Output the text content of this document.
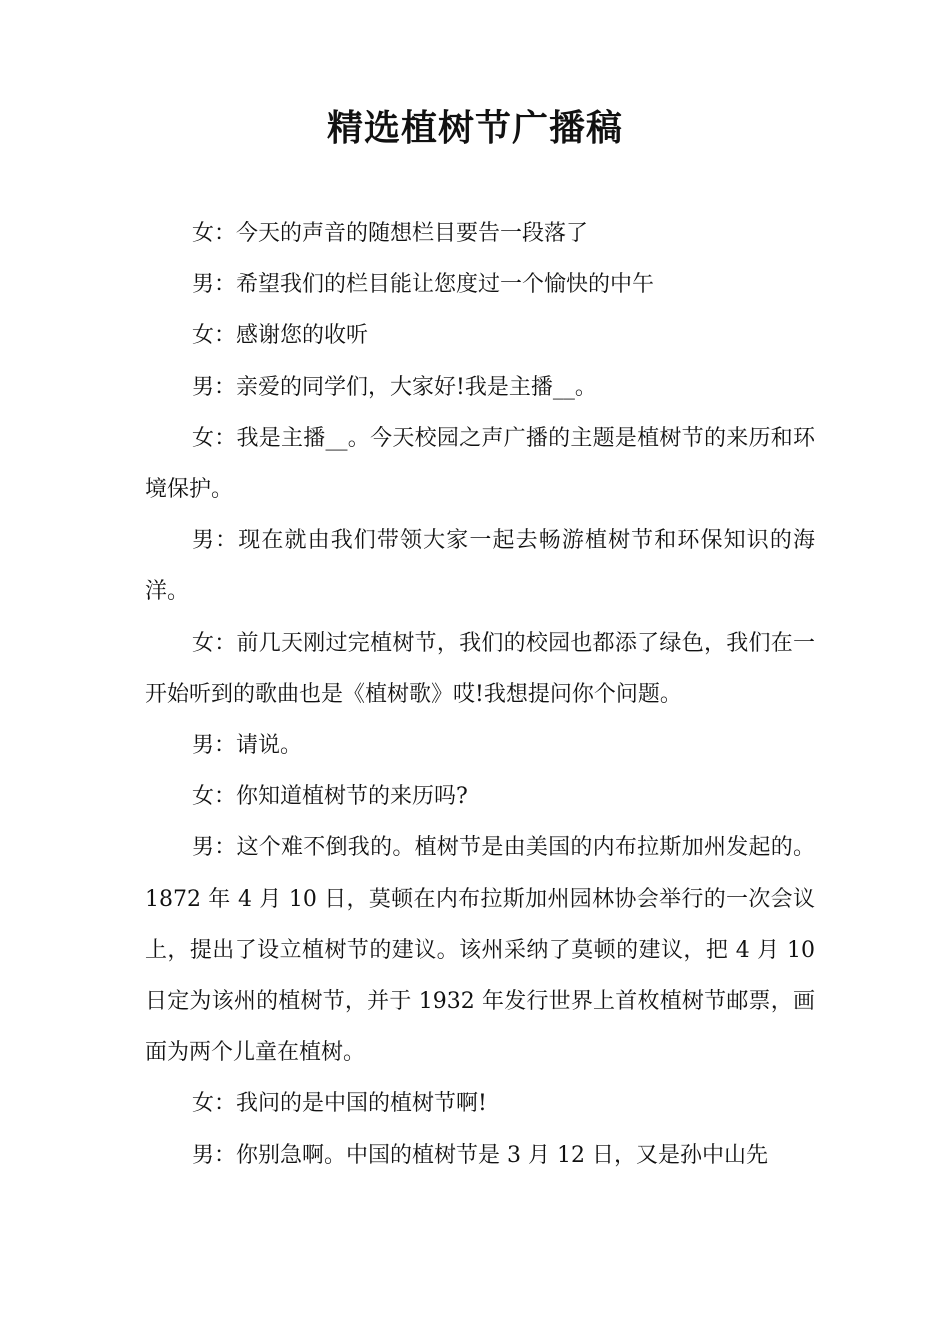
精选植树节广播稿

女：今天的声音的随想栏目要告一段落了

男：希望我们的栏目能让您度过一个愉快的中午

女：感谢您的收听

男：亲爱的同学们，大家好!我是主播__。

女：我是主播__。今天校园之声广播的主题是植树节的来历和环境保护。

男：现在就由我们带领大家一起去畅游植树节和环保知识的海洋。

女：前几天刚过完植树节，我们的校园也都添了绿色，我们在一开始听到的歌曲也是《植树歌》哎!我想提问你个问题。

男：请说。

女：你知道植树节的来历吗?

男：这个难不倒我的。植树节是由美国的内布拉斯加州发起的。1872 年 4 月 10 日，莫顿在内布拉斯加州园林协会举行的一次会议上，提出了设立植树节的建议。该州采纳了莫顿的建议，把 4 月 10 日定为该州的植树节，并于 1932 年发行世界上首枚植树节邮票，画面为两个儿童在植树。

女：我问的是中国的植树节啊!

男：你别急啊。中国的植树节是 3 月 12 日，又是孙中山先
